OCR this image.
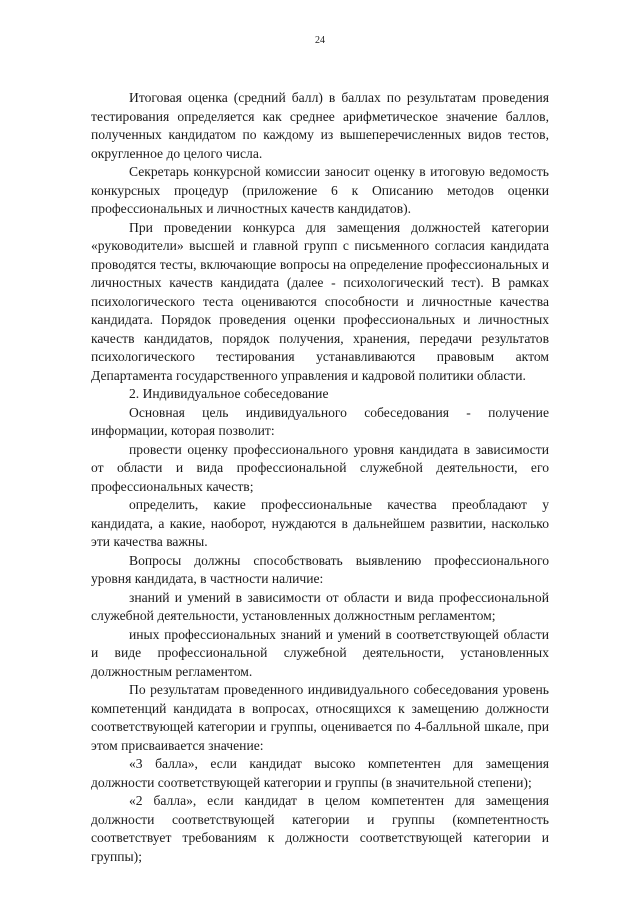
24

Итоговая оценка (средний балл) в баллах по результатам проведения тестирования определяется как среднее арифметическое значение баллов, полученных кандидатом по каждому из вышеперечисленных видов тестов, округленное до целого числа.

Секретарь конкурсной комиссии заносит оценку в итоговую ведомость конкурсных процедур (приложение 6 к Описанию методов оценки профессиональных и личностных качеств кандидатов).

При проведении конкурса для замещения должностей категории «руководители» высшей и главной групп с письменного согласия кандидата проводятся тесты, включающие вопросы на определение профессиональных и личностных качеств кандидата (далее - психологический тест). В рамках психологического теста оцениваются способности и личностные качества кандидата. Порядок проведения оценки профессиональных и личностных качеств кандидатов, порядок получения, хранения, передачи результатов психологического тестирования устанавливаются правовым актом Департамента государственного управления и кадровой политики области.

2. Индивидуальное собеседование

Основная цель индивидуального собеседования - получение информации, которая позволит:

провести оценку профессионального уровня кандидата в зависимости от области и вида профессиональной служебной деятельности, его профессиональных качеств;

определить, какие профессиональные качества преобладают у кандидата, а какие, наоборот, нуждаются в дальнейшем развитии, насколько эти качества важны.

Вопросы должны способствовать выявлению профессионального уровня кандидата, в частности наличие:

знаний и умений в зависимости от области и вида профессиональной служебной деятельности, установленных должностным регламентом;

иных профессиональных знаний и умений в соответствующей области и виде профессиональной служебной деятельности, установленных должностным регламентом.

По результатам проведенного индивидуального собеседования уровень компетенций кандидата в вопросах, относящихся к замещению должности соответствующей категории и группы, оценивается по 4-балльной шкале, при этом присваивается значение:

«3 балла», если кандидат высоко компетентен для замещения должности соответствующей категории и группы (в значительной степени);

«2 балла», если кандидат в целом компетентен для замещения должности соответствующей категории и группы (компетентность соответствует требованиям к должности соответствующей категории и группы);
